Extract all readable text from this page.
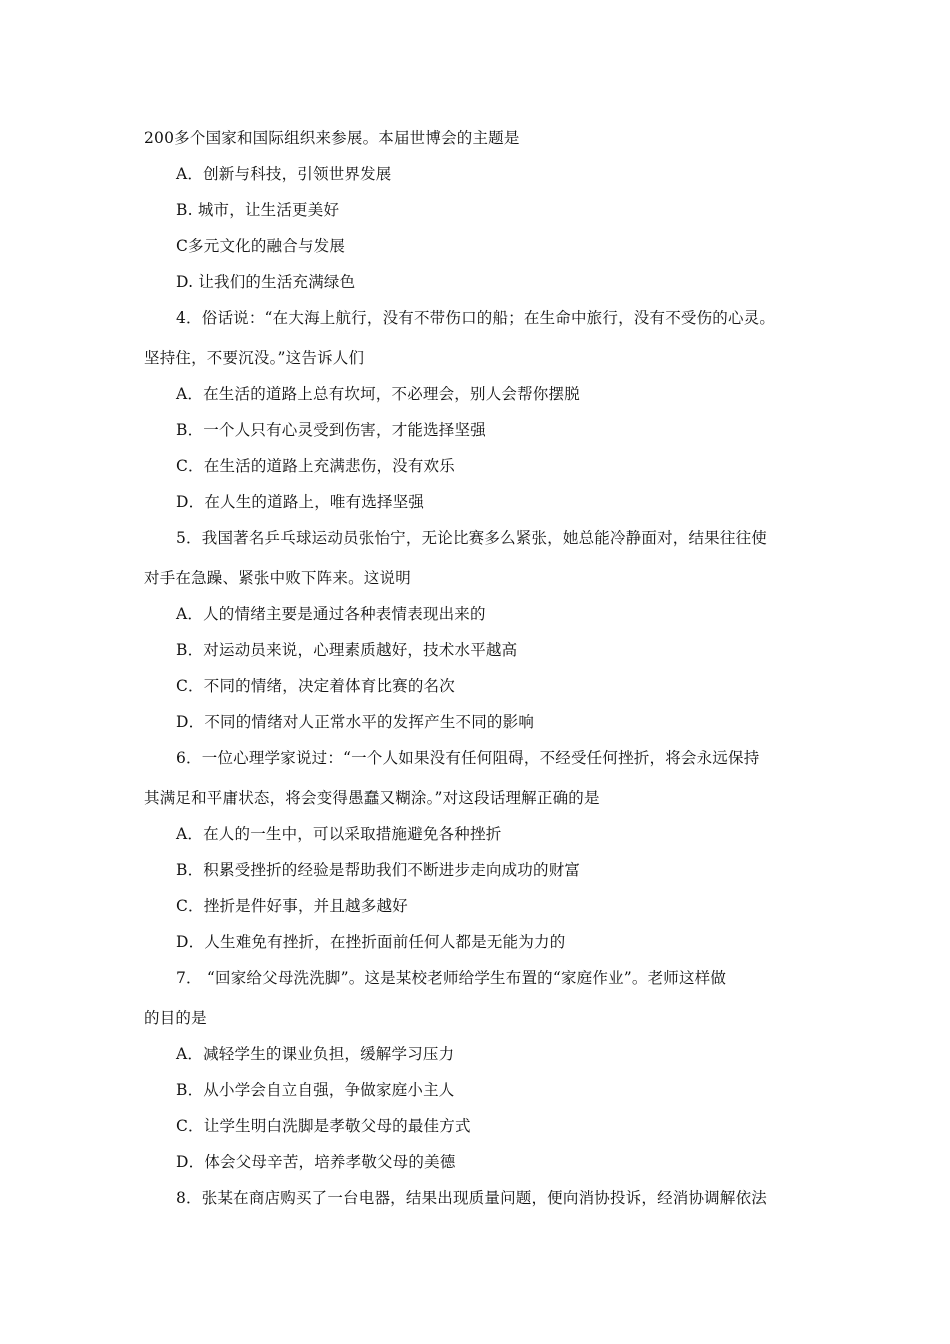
200多个国家和国际组织来参展。本届世博会的主题是
A．创新与科技，引领世界发展
B. 城市，让生活更美好
C多元文化的融合与发展
D. 让我们的生活充满绿色
4．俗话说：“在大海上航行，没有不带伤口的船；在生命中旅行，没有不受伤的心灵。
坚持住，不要沉没。”这告诉人们
A．在生活的道路上总有坎坷，不必理会，别人会帮你摆脱
B．一个人只有心灵受到伤害，才能选择坚强
C．在生活的道路上充满悲伤，没有欢乐
D．在人生的道路上，唯有选择坚强
5．我国著名乒乓球运动员张怡宁，无论比赛多么紧张，她总能冷静面对，结果往往使
对手在急躁、紧张中败下阵来。这说明
A．人的情绪主要是通过各种表情表现出来的
B．对运动员来说，心理素质越好，技术水平越高
C．不同的情绪，决定着体育比赛的名次
D．不同的情绪对人正常水平的发挥产生不同的影响
6．一位心理学家说过：“一个人如果没有任何阻碍，不经受任何挫折，将会永远保持
其满足和平庸状态，将会变得愚蠢又糊涂。”对这段话理解正确的是
A．在人的一生中，可以采取措施避免各种挫折
B．积累受挫折的经验是帮助我们不断进步走向成功的财富
C．挫折是件好事，并且越多越好
D．人生难免有挫折，在挫折面前任何人都是无能为力的
7． “回家给父母洗洗脚”。这是某校老师给学生布置的“家庭作业”。老师这样做
的目的是
A．减轻学生的课业负担，缓解学习压力
B．从小学会自立自强，争做家庭小主人
C．让学生明白洗脚是孝敬父母的最佳方式
D．体会父母辛苦，培养孝敬父母的美德
8．张某在商店购买了一台电器，结果出现质量问题，便向消协投诉，经消协调解依法
